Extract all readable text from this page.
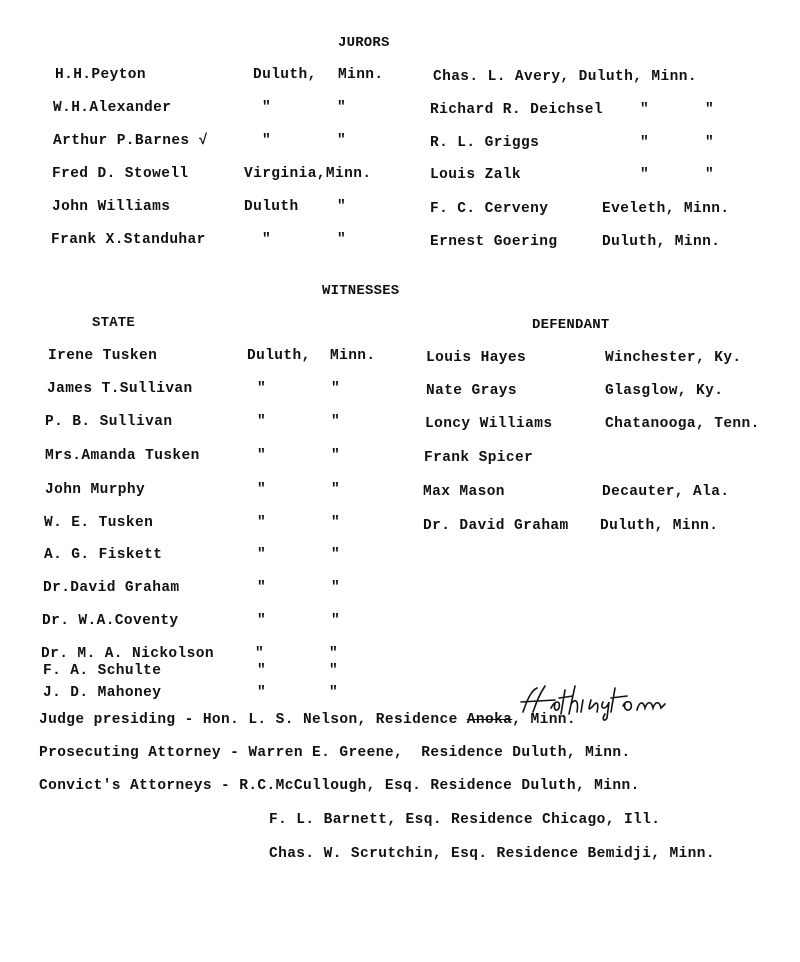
JURORS
H.H.Peyton	Duluth, Minn.
W.H.Alexander	"	"
Arthur P.Barnes √	"	"
Fred D. Stowell	Virginia,Minn.
John Williams	Duluth	"
Frank X.Standuhar	"	"
Chas. L. Avery, Duluth, Minn.
Richard R. Deichsel	"	"
R. L. Griggs	"	"
Louis Zalk	"	"
F. C. Cerveny	Eveleth, Minn.
Ernest Goering	Duluth, Minn.
WITNESSES
STATE	DEFENDANT
Irene Tusken	Duluth, Minn.
James T.Sullivan	"	"
P. B. Sullivan	"	"
Mrs.Amanda Tusken	"	"
John Murphy	"	"
W. E. Tusken	"	"
A. G. Fiskett	"	"
Dr.David Graham	"	"
Dr. W.A.Coventy	"	"
Dr. M. A. Nickolson	"	"
F. A. Schulte	"	"
J. D. Mahoney	"	"
Louis Hayes	Winchester, Ky.
Nate Grays	Glasglow, Ky.
Loncy Williams	Chatanooga, Tenn.
Frank Spicer
Max Mason	Decauter, Ala.
Dr. David Graham Duluth, Minn.
Judge presiding - Hon. L. S. Nelson, Residence Anoka, Minn.
Prosecuting Attorney - Warren E. Greene,  Residence Duluth, Minn.
Convict's Attorneys - R.C.McCullough, Esq. Residence Duluth, Minn.
F. L. Barnett, Esq. Residence Chicago, Ill.
Chas. W. Scrutchin, Esq. Residence Bemidji, Minn.
